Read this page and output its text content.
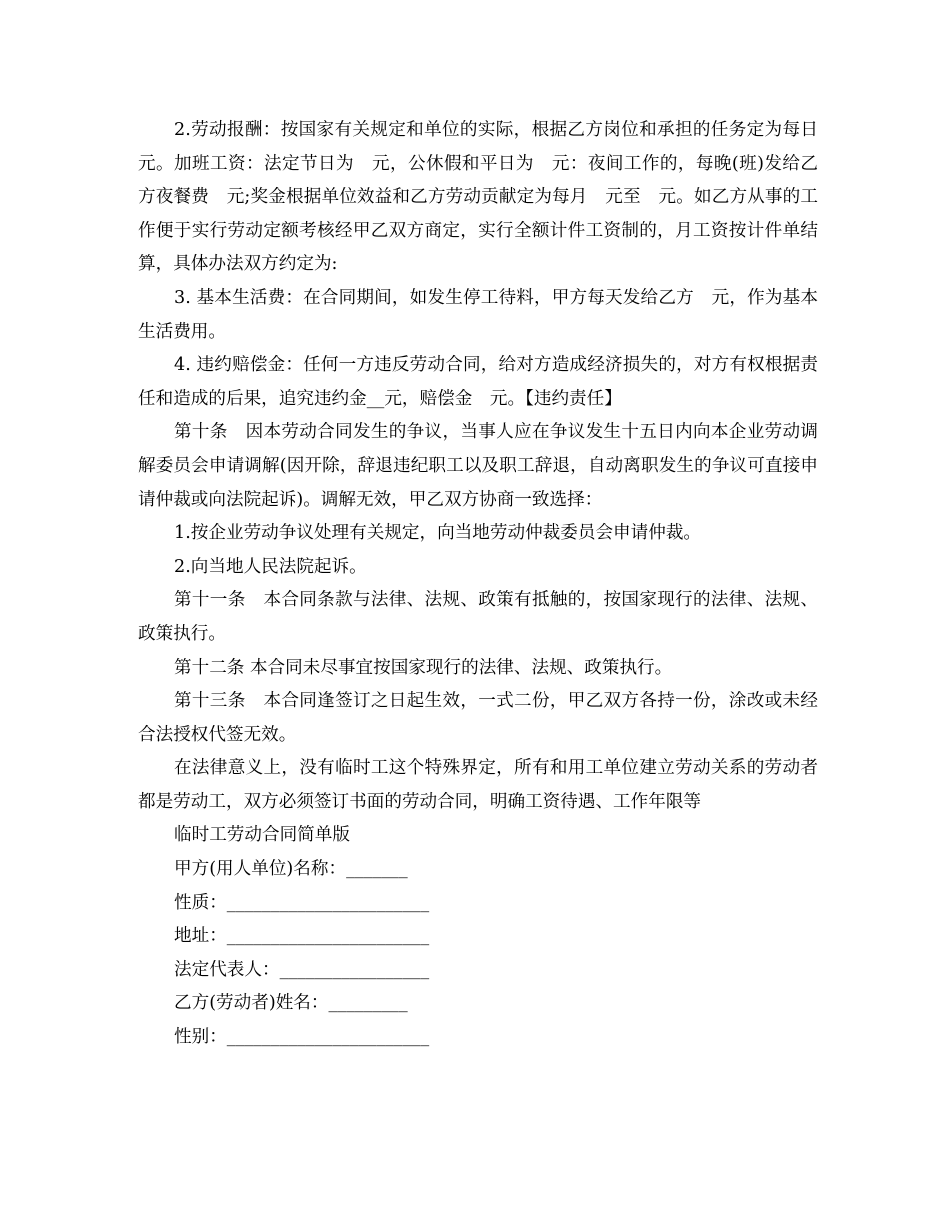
2.劳动报酬：按国家有关规定和单位的实际，根据乙方岗位和承担的任务定为每日　元。加班工资：法定节日为　元，公休假和平日为　元：夜间工作的，每晚(班)发给乙方夜餐费　元;奖金根据单位效益和乙方劳动贡献定为每月　元至　元。如乙方从事的工作便于实行劳动定额考核经甲乙双方商定，实行全额计件工资制的，月工资按计件单结算，具体办法双方约定为:

3. 基本生活费：在合同期间，如发生停工待料，甲方每天发给乙方　元，作为基本生活费用。

4. 违约赔偿金：任何一方违反劳动合同，给对方造成经济损失的，对方有权根据责任和造成的后果，追究违约金__元，赔偿金　元。【违约责任】

第十条　因本劳动合同发生的争议，当事人应在争议发生十五日内向本企业劳动调解委员会申请调解(因开除，辞退违纪职工以及职工辞退，自动离职发生的争议可直接申请仲裁或向法院起诉)。调解无效，甲乙双方协商一致选择：

1.按企业劳动争议处理有关规定，向当地劳动仲裁委员会申请仲裁。

2.向当地人民法院起诉。

第十一条　本合同条款与法律、法规、政策有抵触的，按国家现行的法律、法规、政策执行。

第十二条 本合同未尽事宜按国家现行的法律、法规、政策执行。

第十三条　本合同逢签订之日起生效，一式二份，甲乙双方各持一份，涂改或未经合法授权代签无效。

在法律意义上，没有临时工这个特殊界定，所有和用工单位建立劳动关系的劳动者都是劳动工，双方必须签订书面的劳动合同，明确工资待遇、工作年限等

临时工劳动合同简单版

甲方(用人单位)名称：_______

性质：_______________________

地址：_______________________

法定代表人：_________________

乙方(劳动者)姓名：_________

性别：_______________________
